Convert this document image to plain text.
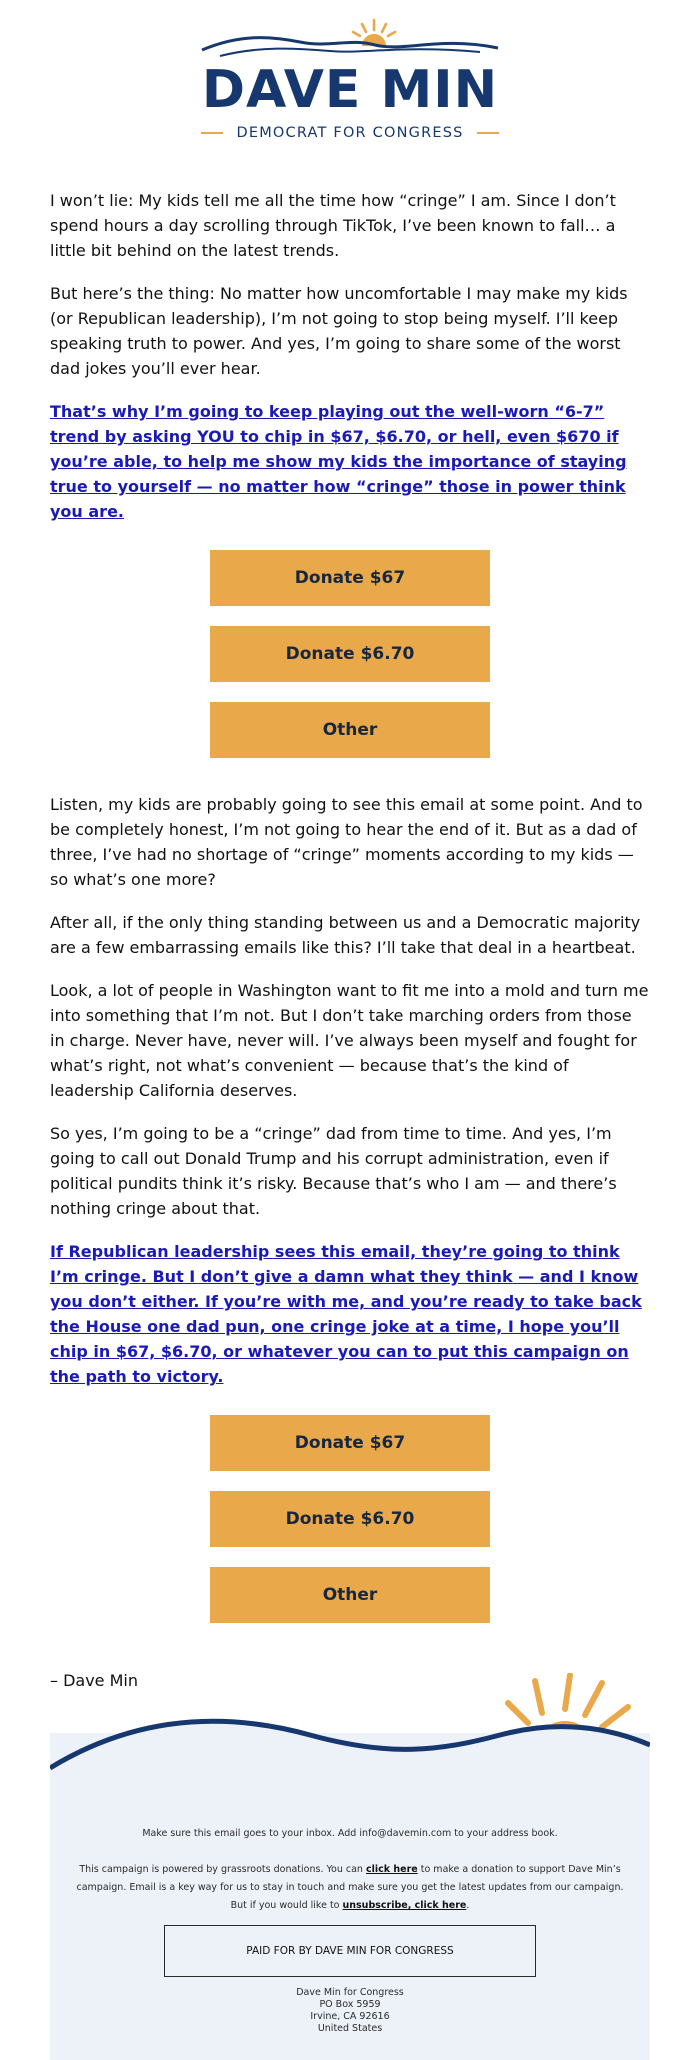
DAVE MIN
DEMOCRAT FOR CONGRESS

I won’t lie: My kids tell me all the time how “cringe” I am. Since I don’t spend hours a day scrolling through TikTok, I’ve been known to fall… a little bit behind on the latest trends.

But here’s the thing: No matter how uncomfortable I may make my kids (or Republican leadership), I’m not going to stop being myself. I’ll keep speaking truth to power. And yes, I’m going to share some of the worst dad jokes you’ll ever hear.

That’s why I’m going to keep playing out the well-worn “6-7” trend by asking YOU to chip in $67, $6.70, or hell, even $670 if you’re able, to help me show my kids the importance of staying true to yourself — no matter how “cringe” those in power think you are.

Donate $67
Donate $6.70
Other

Listen, my kids are probably going to see this email at some point. And to be completely honest, I’m not going to hear the end of it. But as a dad of three, I’ve had no shortage of “cringe” moments according to my kids — so what’s one more?

After all, if the only thing standing between us and a Democratic majority are a few embarrassing emails like this? I’ll take that deal in a heartbeat.

Look, a lot of people in Washington want to fit me into a mold and turn me into something that I’m not. But I don’t take marching orders from those in charge. Never have, never will. I’ve always been myself and fought for what’s right, not what’s convenient — because that’s the kind of leadership California deserves.

So yes, I’m going to be a “cringe” dad from time to time. And yes, I’m going to call out Donald Trump and his corrupt administration, even if political pundits think it’s risky. Because that’s who I am — and there’s nothing cringe about that.

If Republican leadership sees this email, they’re going to think I’m cringe. But I don’t give a damn what they think — and I know you don’t either. If you’re with me, and you’re ready to take back the House one dad pun, one cringe joke at a time, I hope you’ll chip in $67, $6.70, or whatever you can to put this campaign on the path to victory.

Donate $67
Donate $6.70
Other

– Dave Min

Make sure this email goes to your inbox. Add info@davemin.com to your address book.

This campaign is powered by grassroots donations. You can click here to make a donation to support Dave Min’s campaign. Email is a key way for us to stay in touch and make sure you get the latest updates from our campaign. But if you would like to unsubscribe, click here.

PAID FOR BY DAVE MIN FOR CONGRESS
Dave Min for Congress
PO Box 5959
Irvine, CA 92616
United States
